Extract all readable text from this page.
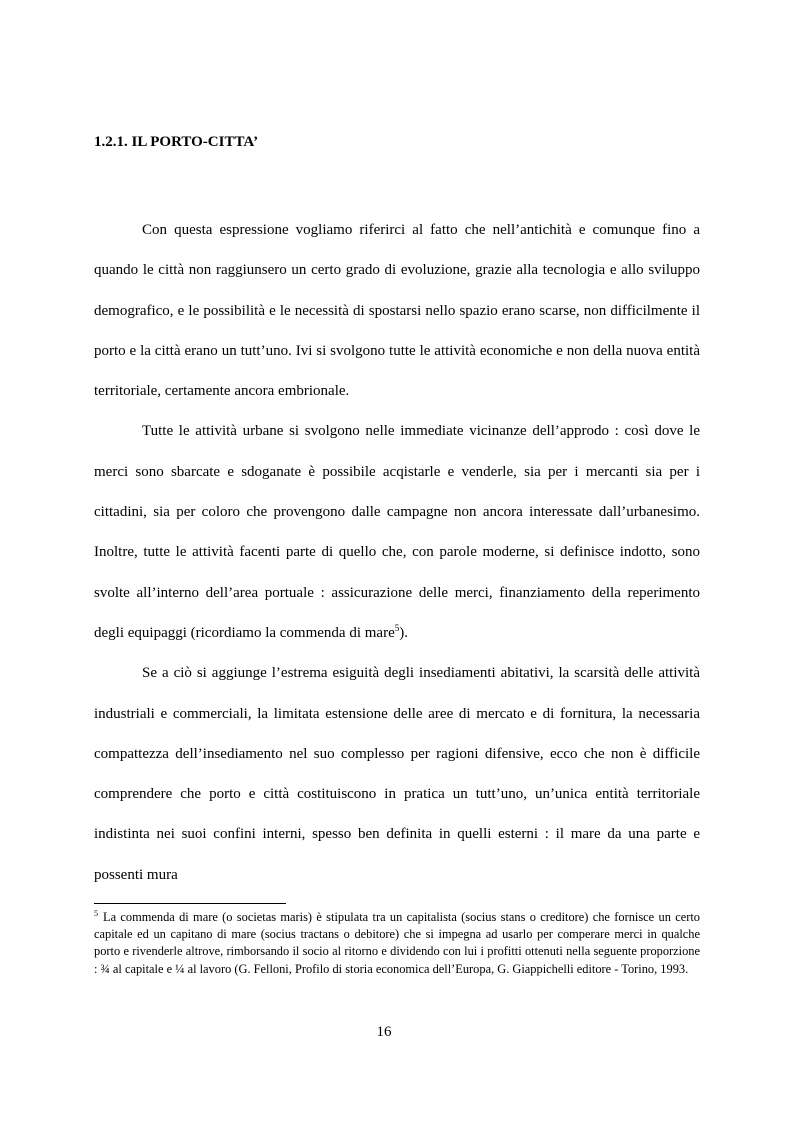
1.2.1. IL PORTO-CITTA’

Con questa espressione vogliamo riferirci al fatto che nell’antichità e comunque fino a quando le città non raggiunsero un certo grado di evoluzione, grazie alla tecnologia e allo sviluppo demografico, e le possibilità e le necessità di spostarsi nello spazio erano scarse, non difficilmente il porto e la città erano un tutt’uno. Ivi si svolgono tutte le attività economiche e non della nuova entità territoriale, certamente ancora embrionale.

Tutte le attività urbane si svolgono nelle immediate vicinanze dell’approdo : così dove le merci sono sbarcate e sdoganate è possibile acqistarle e venderle, sia per i mercanti sia per i cittadini, sia per coloro che provengono dalle campagne non ancora interessate dall’urbanesimo. Inoltre, tutte le attività facenti parte di quello che, con parole moderne, si definisce indotto, sono svolte all’interno dell’area portuale : assicurazione delle merci, finanziamento della reperimento degli equipaggi (ricordiamo la commenda di mare$^5$).

Se a ciò si aggiunge l’estrema esiguità degli insediamenti abitativi, la scarsità delle attività industriali e commerciali, la limitata estensione delle aree di mercato e di fornitura, la necessaria compattezza dell’insediamento nel suo complesso per ragioni difensive, ecco che non è difficile comprendere che porto e città costituiscono in pratica un tutt’uno, un’unica entità territoriale indistinta nei suoi confini interni, spesso ben definita in quelli esterni : il mare da una parte e possenti mura

$^5$ La commenda di mare (o societas maris) è stipulata tra un capitalista (socius stans o creditore) che fornisce un certo capitale ed un capitano di mare (socius tractans o debitore) che si impegna ad usarlo per comperare merci in qualche porto e rivenderle altrove, rimborsando il socio al ritorno e dividendo con lui i profitti ottenuti nella seguente proporzione : ¾ al capitale e ¼ al lavoro (G. Felloni, Profilo di storia economica dell’Europa, G. Giappichelli editore - Torino, 1993.

16
